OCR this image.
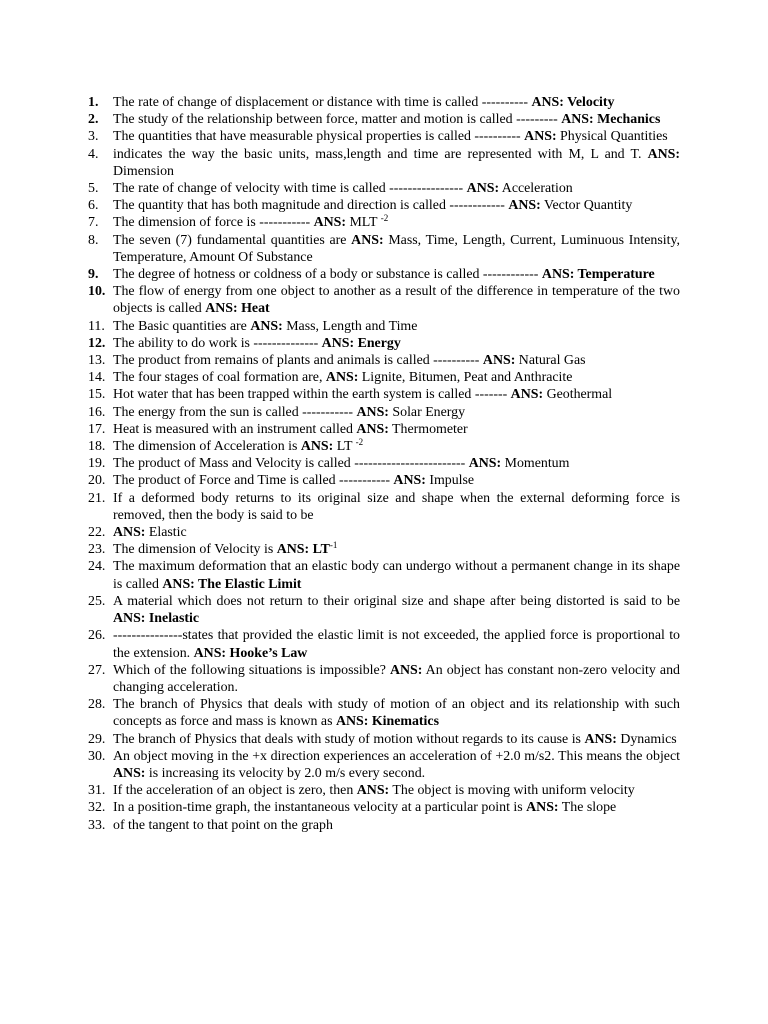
1.	The rate of change of displacement or distance with time is called ---------- ANS: Velocity
2.	The study of the relationship between force, matter and motion is called --------- ANS: Mechanics
3.	The quantities that have measurable physical properties is called ---------- ANS: Physical Quantities
4.	indicates the way the basic units, mass,length and time are represented with M, L and T. ANS: Dimension
5.	The rate of change of velocity with time is called ---------------- ANS: Acceleration
6.	The quantity that has both magnitude and direction is called ------------ ANS: Vector Quantity
7.	The dimension of force is ----------- ANS: MLT $^{-2}$
8.	The seven (7) fundamental quantities are ANS: Mass, Time, Length, Current, Luminuous Intensity, Temperature, Amount Of Substance
9.	The degree of hotness or coldness of a body or substance is called ------------ ANS: Temperature
10. The flow of energy from one object to another as a result of the difference in temperature of the two objects is called ANS: Heat
11. The Basic quantities are ANS: Mass, Length and Time
12. The ability to do work is -------------- ANS: Energy
13. The product from remains of plants and animals is called ---------- ANS: Natural Gas
14. The four stages of coal formation are, ANS: Lignite, Bitumen, Peat and Anthracite
15. Hot water that has been trapped within the earth system is called ------- ANS: Geothermal
16. The energy from the sun is called ----------- ANS: Solar Energy
17. Heat is measured with an instrument called ANS: Thermometer
18. The dimension of Acceleration is ANS: LT $^{-2}$
19. The product of Mass and Velocity is called ------------------------ ANS: Momentum
20. The product of Force and Time is called ----------- ANS: Impulse
21. If a deformed body returns to its original size and shape when the external deforming force is removed, then the body is said to be
22. ANS: Elastic
23. The dimension of Velocity is ANS: $LT^{-1}$
24. The maximum deformation that an elastic body can undergo without a permanent change in its shape is called ANS: The Elastic Limit
25. A material which does not return to their original size and shape after being distorted is said to be ANS: Inelastic
26. ---------------states that provided the elastic limit is not exceeded, the applied force is proportional to the extension. ANS: Hooke’s Law
27. Which of the following situations is impossible? ANS: An object has constant non-zero velocity and changing acceleration.
28. The branch of Physics that deals with study of motion of an object and its relationship with such concepts as force and mass is known as ANS: Kinematics
29. The branch of Physics that deals with study of motion without regards to its cause is ANS: Dynamics
30. An object moving in the +x direction experiences an acceleration of +2.0 m/s2. This means the object ANS: is increasing its velocity by 2.0 m/s every second.
31. If the acceleration of an object is zero, then ANS: The object is moving with uniform velocity
32. In a position-time graph, the instantaneous velocity at a particular point is ANS: The slope
33. of the tangent to that point on the graph
